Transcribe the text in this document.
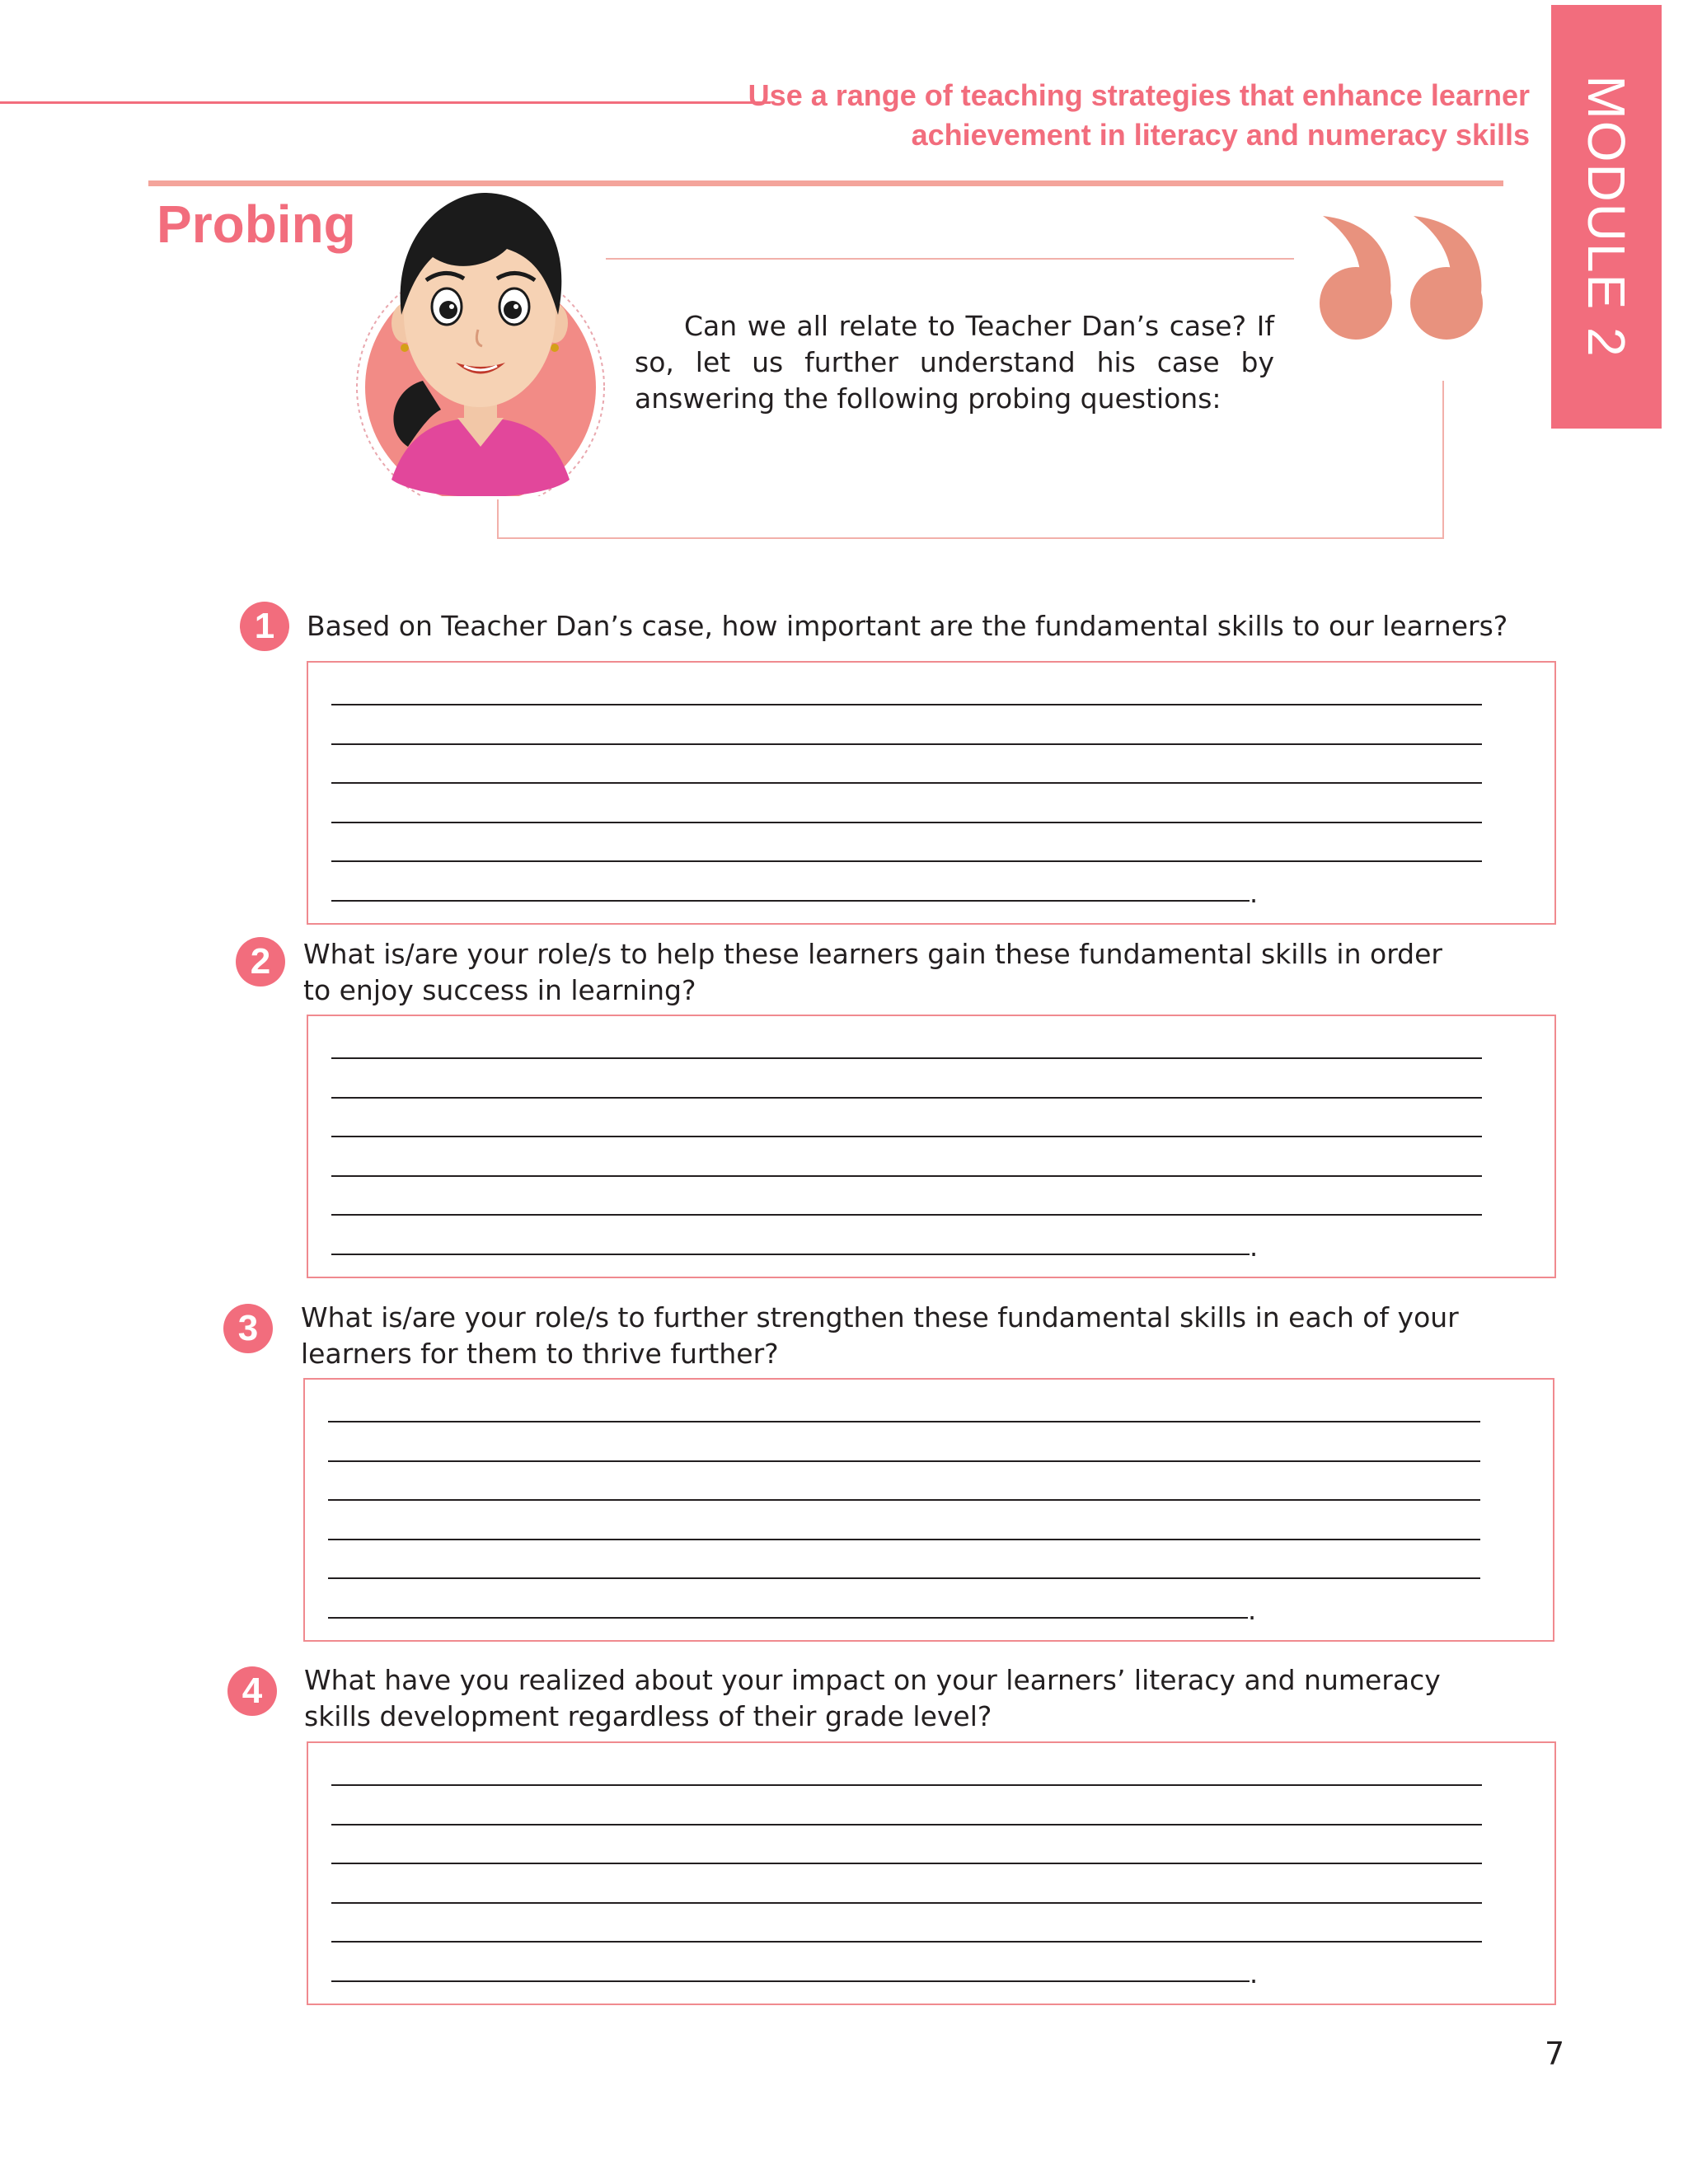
Use a range of teaching strategies that enhance learner
achievement in literacy and numeracy skills MODULE 2
Probing
Can we all relate to Teacher Dan’s case? If so, let us further understand his case by answering the following probing questions:
1	Based on Teacher Dan’s case, how important are the fundamental skills to our learners?
.
2	What is/are your role/s to help these learners gain these fundamental skills in order to enjoy success in learning?
.
3	What is/are your role/s to further strengthen these fundamental skills in each of your learners for them to thrive further?
.
4	What have you realized about your impact on your learners’ literacy and numeracy skills development regardless of their grade level?
.
7
